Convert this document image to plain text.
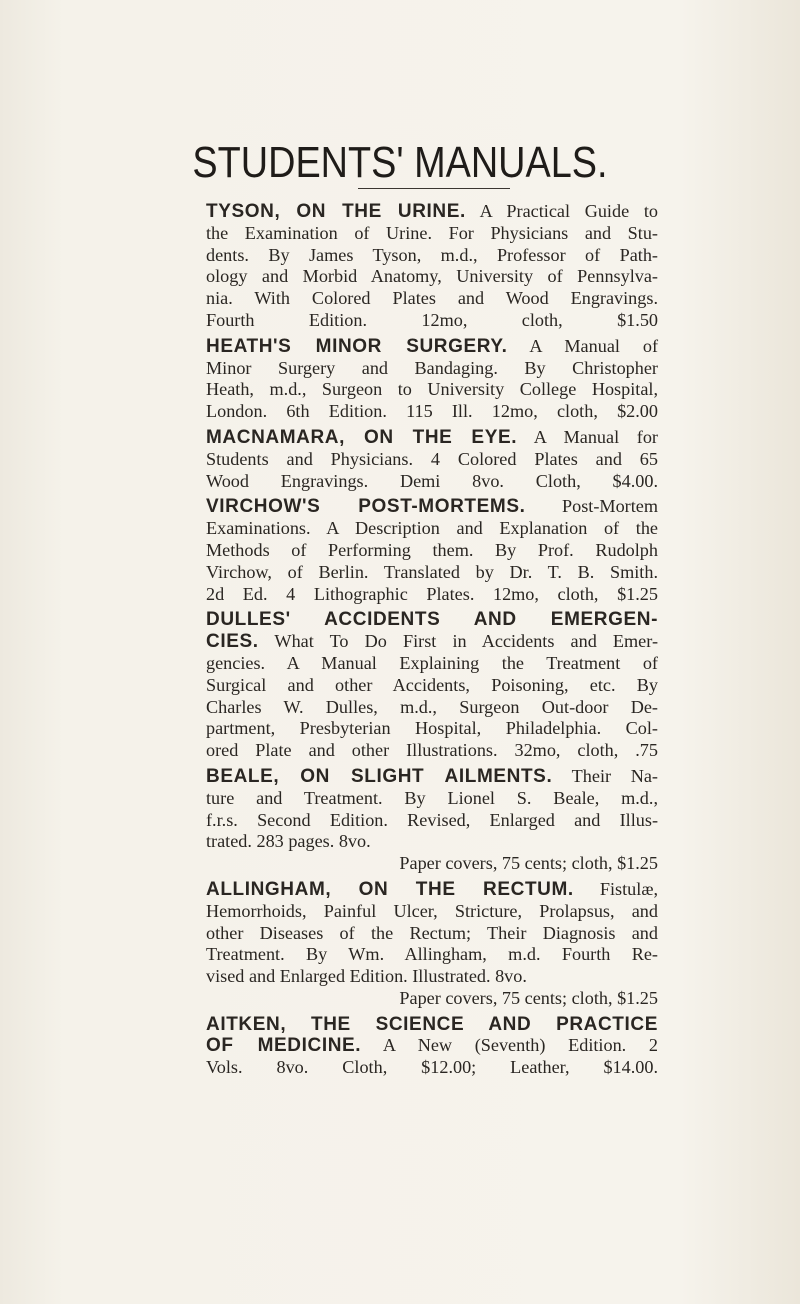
STUDENTS' MANUALS.
TYSON, ON THE URINE. A Practical Guide to
the Examination of Urine. For Physicians and Stu-
dents. By James Tyson, m.d., Professor of Path-
ology and Morbid Anatomy, University of Pennsylva-
nia. With Colored Plates and Wood Engravings.
Fourth Edition.	12mo, cloth, $1.50
HEATH'S MINOR SURGERY. A Manual of
Minor Surgery and Bandaging. By Christopher
Heath, m.d., Surgeon to University College Hospital,
London. 6th Edition. 115 Ill. 12mo, cloth, $2.00
MACNAMARA, ON THE EYE. A Manual for
Students and Physicians. 4 Colored Plates and 65
Wood Engravings. Demi 8vo. Cloth, $4.00.
VIRCHOW'S POST-MORTEMS. Post-Mortem
Examinations. A Description and Explanation of the
Methods of Performing them. By Prof. Rudolph
Virchow, of Berlin. Translated by Dr. T. B. Smith.
2d Ed. 4 Lithographic Plates. 12mo, cloth, $1.25
DULLES' ACCIDENTS AND EMERGEN-
CIES. What To Do First in Accidents and Emer-
gencies. A Manual Explaining the Treatment of
Surgical and other Accidents, Poisoning, etc. By
Charles W. Dulles, m.d., Surgeon Out-door De-
partment, Presbyterian Hospital, Philadelphia. Col-
ored Plate and other Illustrations. 32mo, cloth, .75
BEALE, ON SLIGHT AILMENTS. Their Na-
ture and Treatment. By Lionel S. Beale, m.d.,
f.r.s. Second Edition. Revised, Enlarged and Illus-
trated. 283 pages. 8vo.
Paper covers, 75 cents; cloth, $1.25
ALLINGHAM, ON THE RECTUM. Fistulæ,
Hemorrhoids, Painful Ulcer, Stricture, Prolapsus, and
other Diseases of the Rectum; Their Diagnosis and
Treatment. By Wm. Allingham, m.d. Fourth Re-
vised and Enlarged Edition. Illustrated. 8vo.
Paper covers, 75 cents; cloth, $1.25
AITKEN, THE SCIENCE AND PRACTICE
OF MEDICINE. A New (Seventh) Edition. 2
Vols. 8vo. Cloth, $12.00; Leather, $14.00.
